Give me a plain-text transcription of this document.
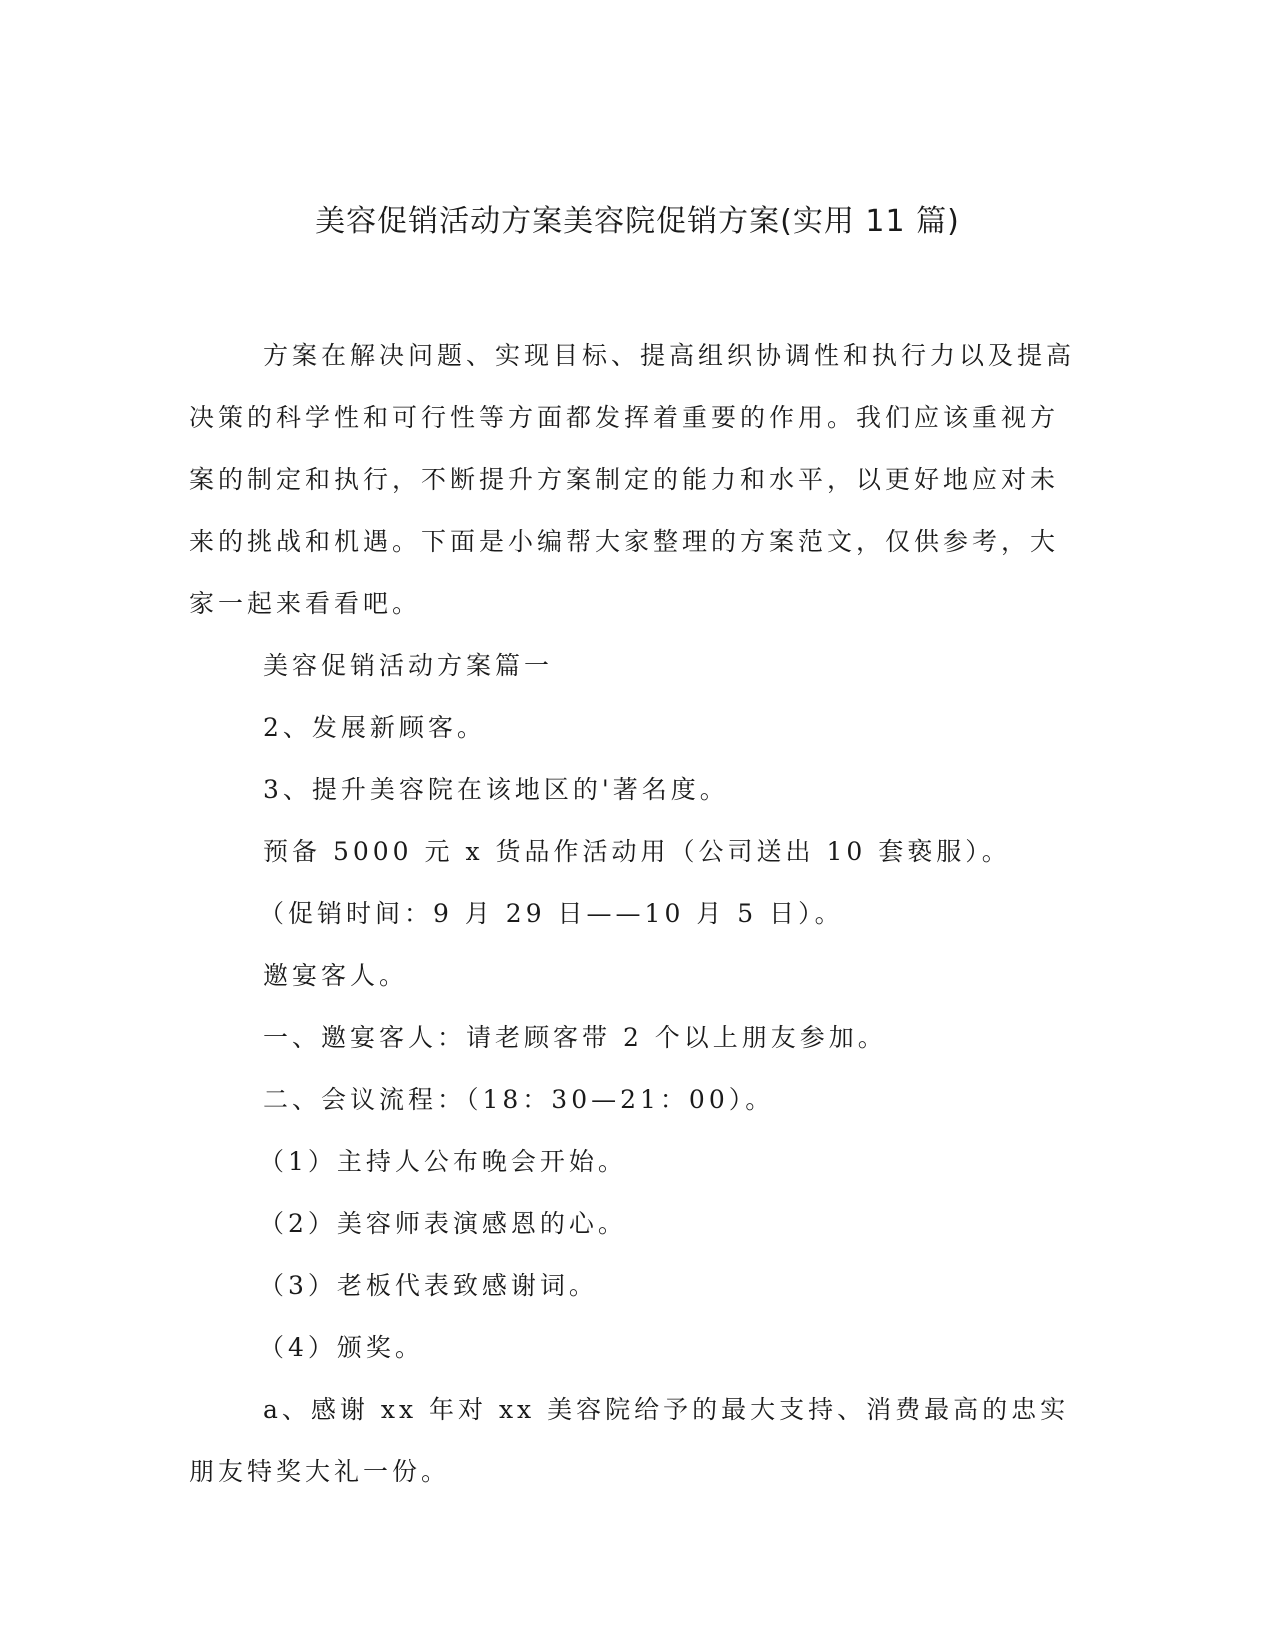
美容促销活动方案美容院促销方案(实用 11 篇)

方案在解决问题、实现目标、提高组织协调性和执行力以及提高决策的科学性和可行性等方面都发挥着重要的作用。我们应该重视方案的制定和执行，不断提升方案制定的能力和水平，以更好地应对未来的挑战和机遇。下面是小编帮大家整理的方案范文，仅供参考，大家一起来看看吧。

美容促销活动方案篇一

2、发展新顾客。

3、提升美容院在该地区的'著名度。

预备 5000 元 x 货品作活动用（公司送出 10 套亵服）。

（促销时间：9 月 29 日——10 月 5 日）。

邀宴客人。

一、邀宴客人：请老顾客带 2 个以上朋友参加。

二、会议流程：（18：30—21：00）。

（1）主持人公布晚会开始。

（2）美容师表演感恩的心。

（3）老板代表致感谢词。

（4）颁奖。

a、感谢 xx 年对 xx 美容院给予的最大支持、消费最高的忠实朋友特奖大礼一份。
